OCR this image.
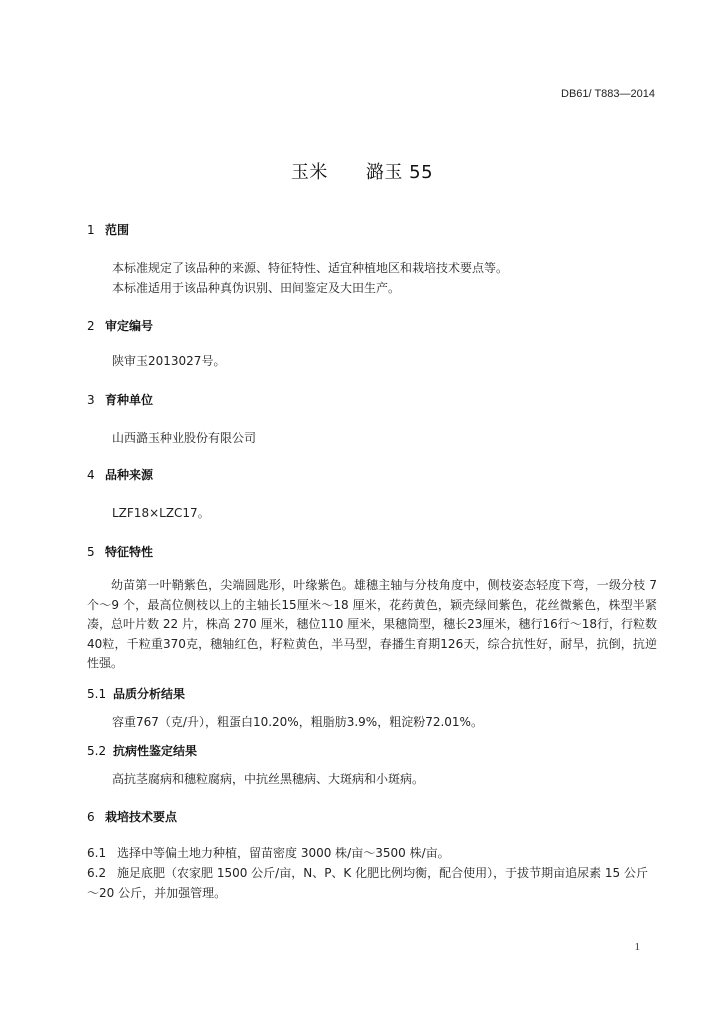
DB61/ T883—2014
玉米 潞玉 55
1 范围
本标准规定了该品种的来源、特征特性、适宜种植地区和栽培技术要点等。
本标准适用于该品种真伪识别、田间鉴定及大田生产。
2 审定编号
陕审玉2013027号。
3 育种单位
山西潞玉种业股份有限公司
4 品种来源
LZF18×LZC17。
5 特征特性
幼苗第一叶鞘紫色，尖端圆匙形，叶缘紫色。雄穗主轴与分枝角度中，侧枝姿态轻度下弯，一级分枝 7个～9 个，最高位侧枝以上的主轴长15厘米～18 厘米，花药黄色，颖壳绿间紫色，花丝微紫色，株型半紧凑，总叶片数 22 片，株高 270 厘米，穗位110 厘米，果穗筒型，穗长23厘米，穗行16行～18行，行粒数40粒，千粒重370克，穗轴红色，籽粒黄色，半马型，春播生育期126天，综合抗性好，耐旱，抗倒，抗逆性强。
5.1 品质分析结果
容重767（克/升），粗蛋白10.20%，粗脂肪3.9%，粗淀粉72.01%。
5.2 抗病性鉴定结果
高抗茎腐病和穗粒腐病，中抗丝黑穗病、大斑病和小斑病。
6 栽培技术要点
6.1 选择中等偏土地力种植，留苗密度 3000 株/亩～3500 株/亩。
6.2 施足底肥（农家肥 1500 公斤/亩，N、P、K 化肥比例均衡，配合使用），于拔节期亩追尿素 15 公斤～20 公斤，并加强管理。
1
